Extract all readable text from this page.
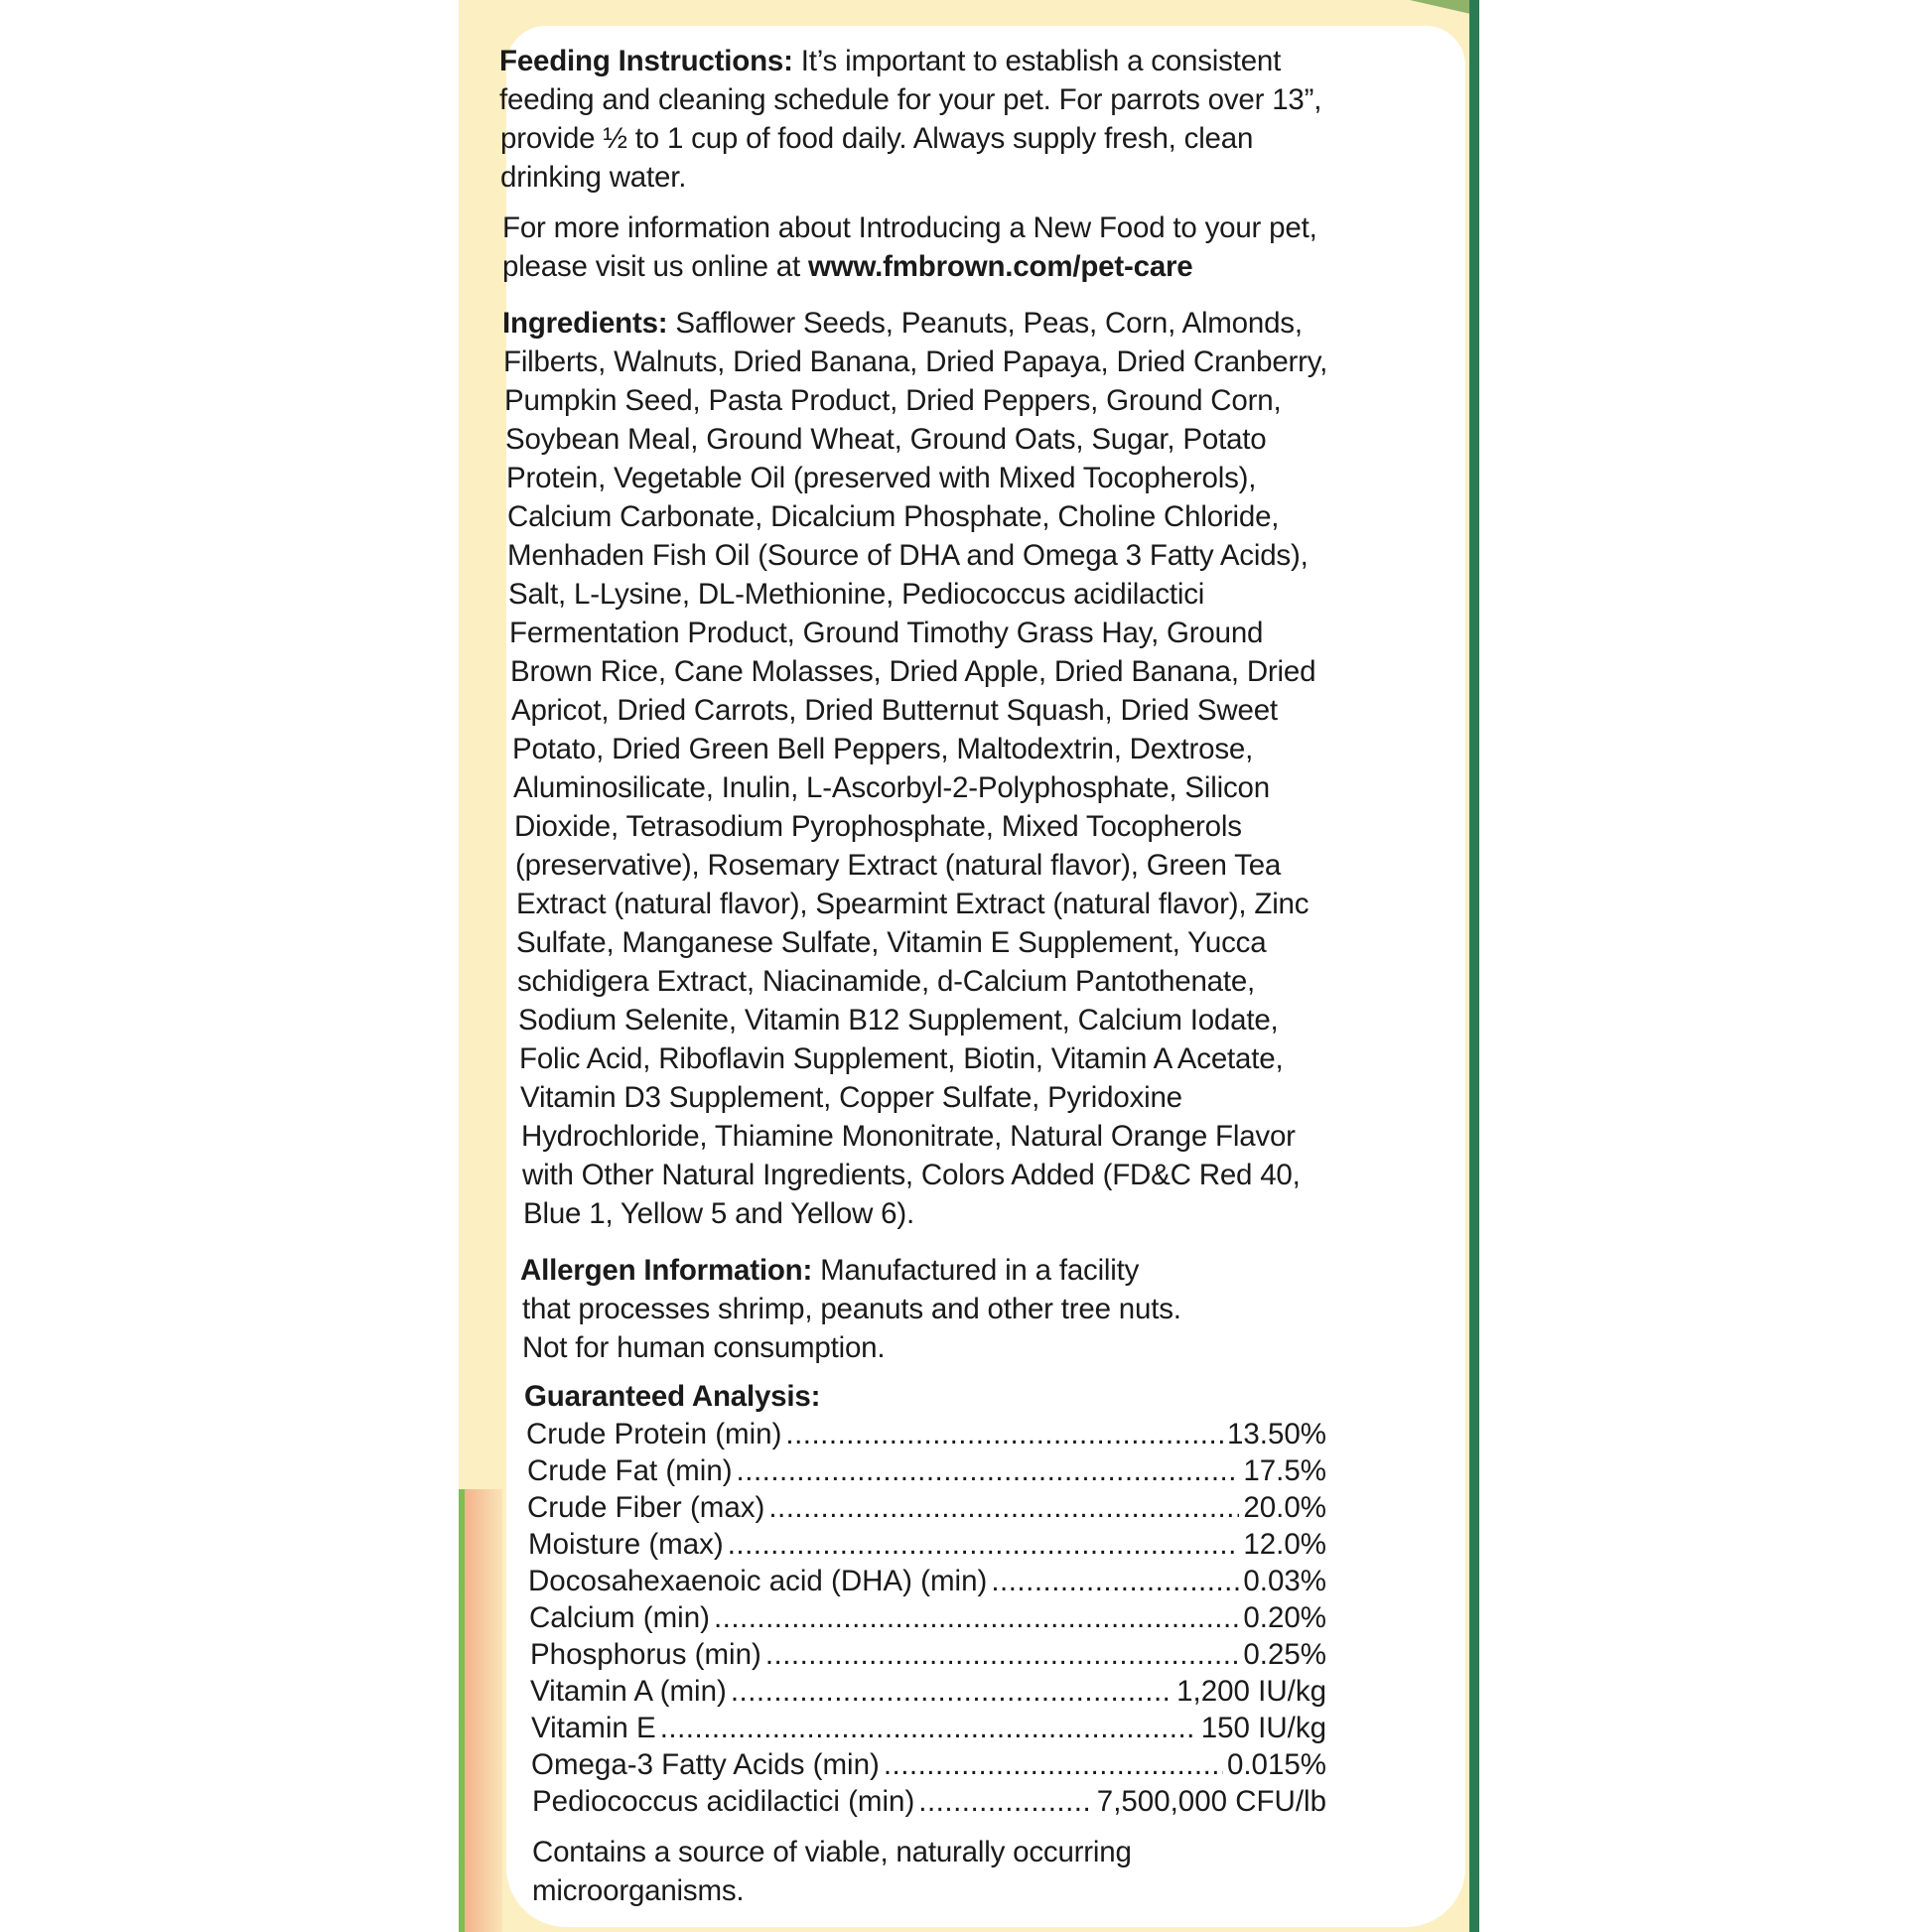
Feeding Instructions: It’s important to establish a consistent
feeding and cleaning schedule for your pet. For parrots over 13”,
provide ½ to 1 cup of food daily. Always supply fresh, clean
drinking water.
For more information about Introducing a New Food to your pet,
please visit us online at www.fmbrown.com/pet-care
Ingredients: Safflower Seeds, Peanuts, Peas, Corn, Almonds,
Filberts, Walnuts, Dried Banana, Dried Papaya, Dried Cranberry,
Pumpkin Seed, Pasta Product, Dried Peppers, Ground Corn,
Soybean Meal, Ground Wheat, Ground Oats, Sugar, Potato
Protein, Vegetable Oil (preserved with Mixed Tocopherols),
Calcium Carbonate, Dicalcium Phosphate, Choline Chloride,
Menhaden Fish Oil (Source of DHA and Omega 3 Fatty Acids),
Salt, L-Lysine, DL-Methionine, Pediococcus acidilactici
Fermentation Product, Ground Timothy Grass Hay, Ground
Brown Rice, Cane Molasses, Dried Apple, Dried Banana, Dried
Apricot, Dried Carrots, Dried Butternut Squash, Dried Sweet
Potato, Dried Green Bell Peppers, Maltodextrin, Dextrose,
Aluminosilicate, Inulin, L-Ascorbyl-2-Polyphosphate, Silicon
Dioxide, Tetrasodium Pyrophosphate, Mixed Tocopherols
(preservative), Rosemary Extract (natural flavor), Green Tea
Extract (natural flavor), Spearmint Extract (natural flavor), Zinc
Sulfate, Manganese Sulfate, Vitamin E Supplement, Yucca
schidigera Extract, Niacinamide, d-Calcium Pantothenate,
Sodium Selenite, Vitamin B12 Supplement, Calcium Iodate,
Folic Acid, Riboflavin Supplement, Biotin, Vitamin A Acetate,
Vitamin D3 Supplement, Copper Sulfate, Pyridoxine
Hydrochloride, Thiamine Mononitrate, Natural Orange Flavor
with Other Natural Ingredients, Colors Added (FD&C Red 40,
Blue 1, Yellow 5 and Yellow 6).
Allergen Information: Manufactured in a facility
that processes shrimp, peanuts and other tree nuts.
Not for human consumption.
Guaranteed Analysis:
Crude Protein (min) .....	13.50%
Crude Fat (min) .....	17.5%
Crude Fiber (max) .....	20.0%
Moisture (max) .....	12.0%
Docosahexaenoic acid (DHA) (min) .....	0.03%
Calcium (min) .....	0.20%
Phosphorus (min) .....	0.25%
Vitamin A (min) .....	1,200 IU/kg
Vitamin E .....	150 IU/kg
Omega-3 Fatty Acids (min) .....	0.015%
Pediococcus acidilactici (min) .....	7,500,000 CFU/lb
Contains a source of viable, naturally occurring
microorganisms.
